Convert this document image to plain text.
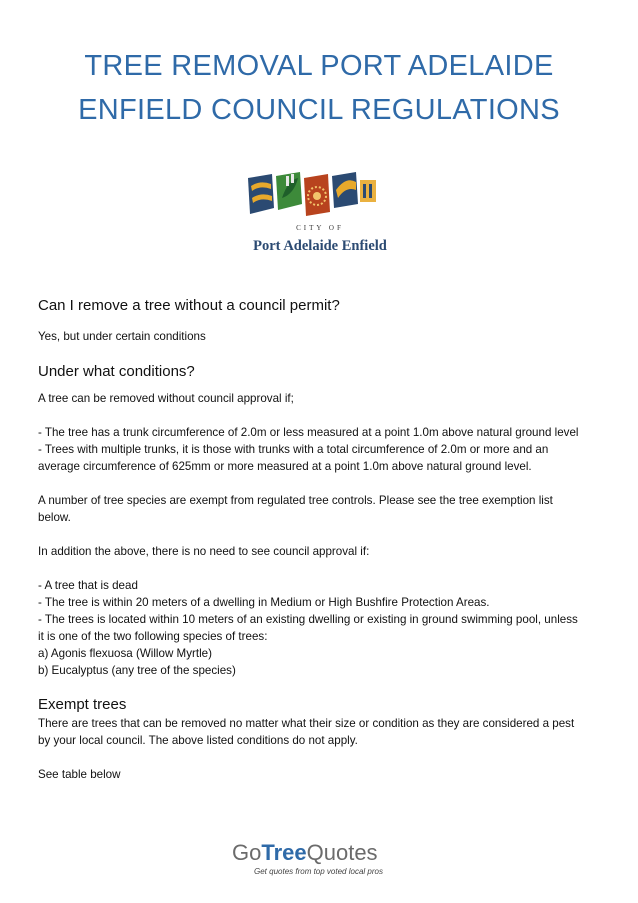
TREE REMOVAL PORT ADELAIDE
ENFIELD COUNCIL REGULATIONS
CITY OF
Port Adelaide Enfield
Can I remove a tree without a council permit?

Yes, but under certain conditions

Under what conditions?

A tree can be removed without council approval if;

- The tree has a trunk circumference of 2.0m or less measured at a point 1.0m above natural ground level

- Trees with multiple trunks, it is those with trunks with a total circumference of 2.0m or more and an

average circumference of 625mm or more measured at a point 1.0m above natural ground level.

A number of tree species are exempt from regulated tree controls. Please see the tree exemption list

below.

In addition the above, there is no need to see council approval if:

- A tree that is dead

- The tree is within 20 meters of a dwelling in Medium or High Bushfire Protection Areas.

- The trees is located within 10 meters of an existing dwelling or existing in ground swimming pool, unless

it is one of the two following species of trees:

a) Agonis flexuosa (Willow Myrtle)

b) Eucalyptus (any tree of the species)

Exempt trees

There are trees that can be removed no matter what their size or condition as they are considered a pest

by your local council. The above listed conditions do not apply.

See table below

GoTreeQuotes
Get quotes from top voted local pros
